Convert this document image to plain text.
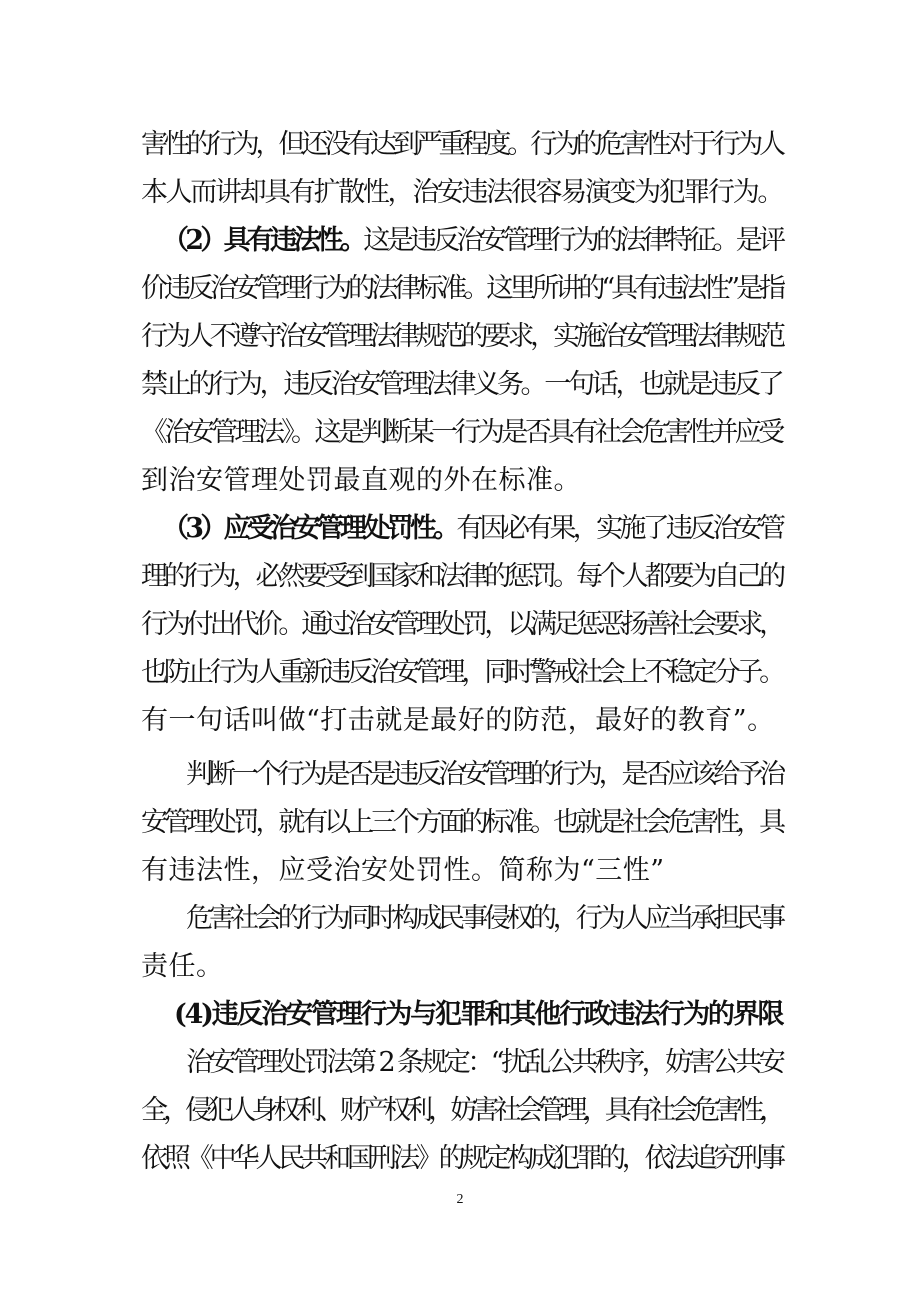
害性的行为，但还没有达到严重程度。行为的危害性对于行为人
本人而讲却具有扩散性，治安违法很容易演变为犯罪行为。
（2）具有违法性。这是违反治安管理行为的法律特征。是评
价违反治安管理行为的法律标准。这里所讲的“具有违法性”是指
行为人不遵守治安管理法律规范的要求，实施治安管理法律规范
禁止的行为，违反治安管理法律义务。一句话，也就是违反了
《治安管理法》。这是判断某一行为是否具有社会危害性并应受
到治安管理处罚最直观的外在标准。
（3）应受治安管理处罚性。有因必有果，实施了违反治安管
理的行为，必然要受到国家和法律的惩罚。每个人都要为自己的
行为付出代价。通过治安管理处罚，以满足惩恶扬善社会要求，
也防止行为人重新违反治安管理，同时警戒社会上不稳定分子。
有一句话叫做“打击就是最好的防范，最好的教育”。
判断一个行为是否是违反治安管理的行为，是否应该给予治
安管理处罚，就有以上三个方面的标准。也就是社会危害性，具
有违法性，应受治安处罚性。简称为“三性”
危害社会的行为同时构成民事侵权的，行为人应当承担民事
责任。
(4)违反治安管理行为与犯罪和其他行政违法行为的界限
治安管理处罚法第 2 条规定：“扰乱公共秩序，妨害公共安
全，侵犯人身权利、财产权利，妨害社会管理，具有社会危害性，
依照《中华人民共和国刑法》的规定构成犯罪的，依法追究刑事
2
